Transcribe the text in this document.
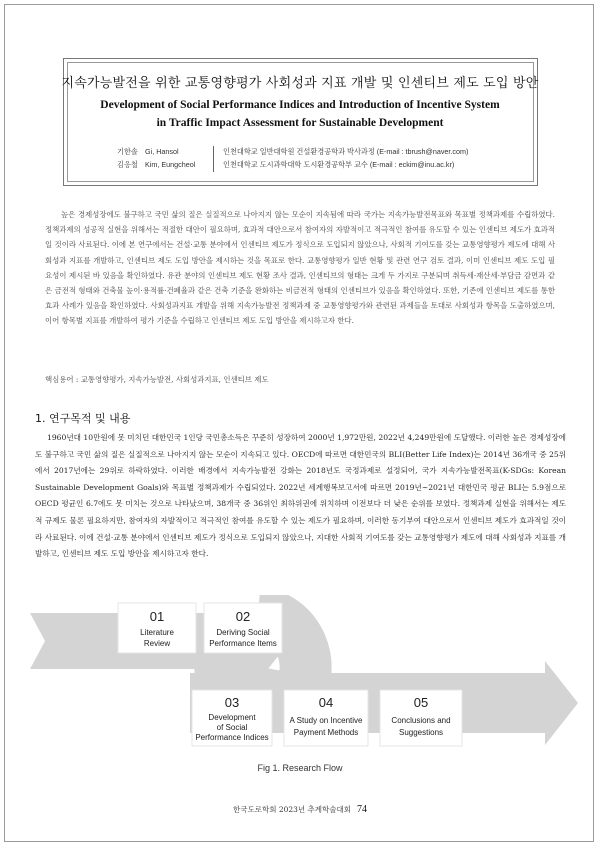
지속가능발전을 위한 교통영향평가 사회성과 지표 개발 및 인센티브 제도 도입 방안
Development of Social Performance Indices and Introduction of Incentive System
in Traffic Impact Assessment for Sustainable Development
기한솔　Gi, Hansol	인천대학교 일반대학원 건설환경공학과 박사과정 (E-mail : tbrush@naver.com)
김응철　Kim, Eungcheol	인천대학교 도시과학대학 도시환경공학부 교수 (E-mail : eckim@inu.ac.kr)
높은 경제성장에도 불구하고 국민 삶의 질은 실질적으로 나아지지 않는 모순이 지속됨에 따라 국가는 지속가능발전목표와 목표별 정책과제를 수립하였다. 정책과제의 성공적 실현을 위해서는 적절한 대안이 필요하며, 효과적 대안으로서 참여자의 자발적이고 적극적인 참여를 유도할 수 있는 인센티브 제도가 효과적일 것이라 사료된다. 이에 본 연구에서는 건설·교통 분야에서 인센티브 제도가 정식으로 도입되지 않았으나, 사회적 기여도를 갖는 교통영향평가 제도에 대해 사회성과 지표를 개발하고, 인센티브 제도 도입 방안을 제시하는 것을 목표로 한다. 교통영향평가 일반 현황 및 관련 연구 검토 결과, 이미 인센티브 제도 도입 필요성이 제시된 바 있음을 확인하였다. 유관 분야의 인센티브 제도 현황 조사 결과, 인센티브의 형태는 크게 두 가지로 구분되며 취득세·재산세·부담금 감면과 같은 금전적 형태와 건축물 높이·용적률·건폐율과 같은 건축 기준을 완화하는 비금전적 형태의 인센티브가 있음을 확인하였다. 또한, 기존에 인센티브 제도를 통한 효과 사례가 있음을 확인하였다. 사회성과지표 개발을 위해 지속가능발전 정책과제 중 교통영향평가와 관련된 과제들을 토대로 사회성과 항목을 도출하였으며, 이어 항목별 지표를 개발하여 평가 기준을 수립하고 인센티브 제도 도입 방안을 제시하고자 한다.
핵심용어 : 교통영향평가, 지속가능발전, 사회성과지표, 인센티브 제도
1. 연구목적 및 내용
1960년대 10만원에 못 미치던 대한민국 1인당 국민총소득은 꾸준히 성장하여 2000년 1,972만원, 2022년 4,249만원에 도달했다. 이러한 높은 경제성장에도 불구하고 국민 삶의 질은 실질적으로 나아지지 않는 모순이 지속되고 있다. OECD에 따르면 대한민국의 BLI(Better Life Index)는 2014년 36개국 중 25위에서 2017년에는 29위로 하락하였다. 이러한 배경에서 지속가능발전 강화는 2018년도 국정과제로 설정되어, 국가 지속가능발전목표(K-SDGs: Korean Sustainable Development Goals)와 목표별 정책과제가 수립되었다. 2022년 세계행복보고서에 따르면 2019년~2021년 대한민국 평균 BLI는 5.9점으로 OECD 평균인 6.7에도 못 미치는 것으로 나타났으며, 38개국 중 36위인 최하위권에 위치하며 이전보다 더 낮은 순위를 보였다. 정책과제 실현을 위해서는 제도적 규제도 물론 필요하지만, 참여자의 자발적이고 적극적인 참여를 유도할 수 있는 제도가 필요하며, 이러한 동기부여 대안으로서 인센티브 제도가 효과적일 것이라 사료된다. 이에 건설·교통 분야에서 인센티브 제도가 정식으로 도입되지 않았으나, 지대한 사회적 기여도를 갖는 교통영향평가 제도에 대해 사회성과 지표를 개발하고, 인센티브 제도 도입 방안을 제시하고자 한다.
01
Literature
Review
02
Deriving Social
Performance Items
03
Development
of Social
Performance Indices
04
A Study on Incentive
Payment Methods
05
Conclusions and
Suggestions
Fig 1. Research Flow
한국도로학회 2023년 추계학술대회 74
